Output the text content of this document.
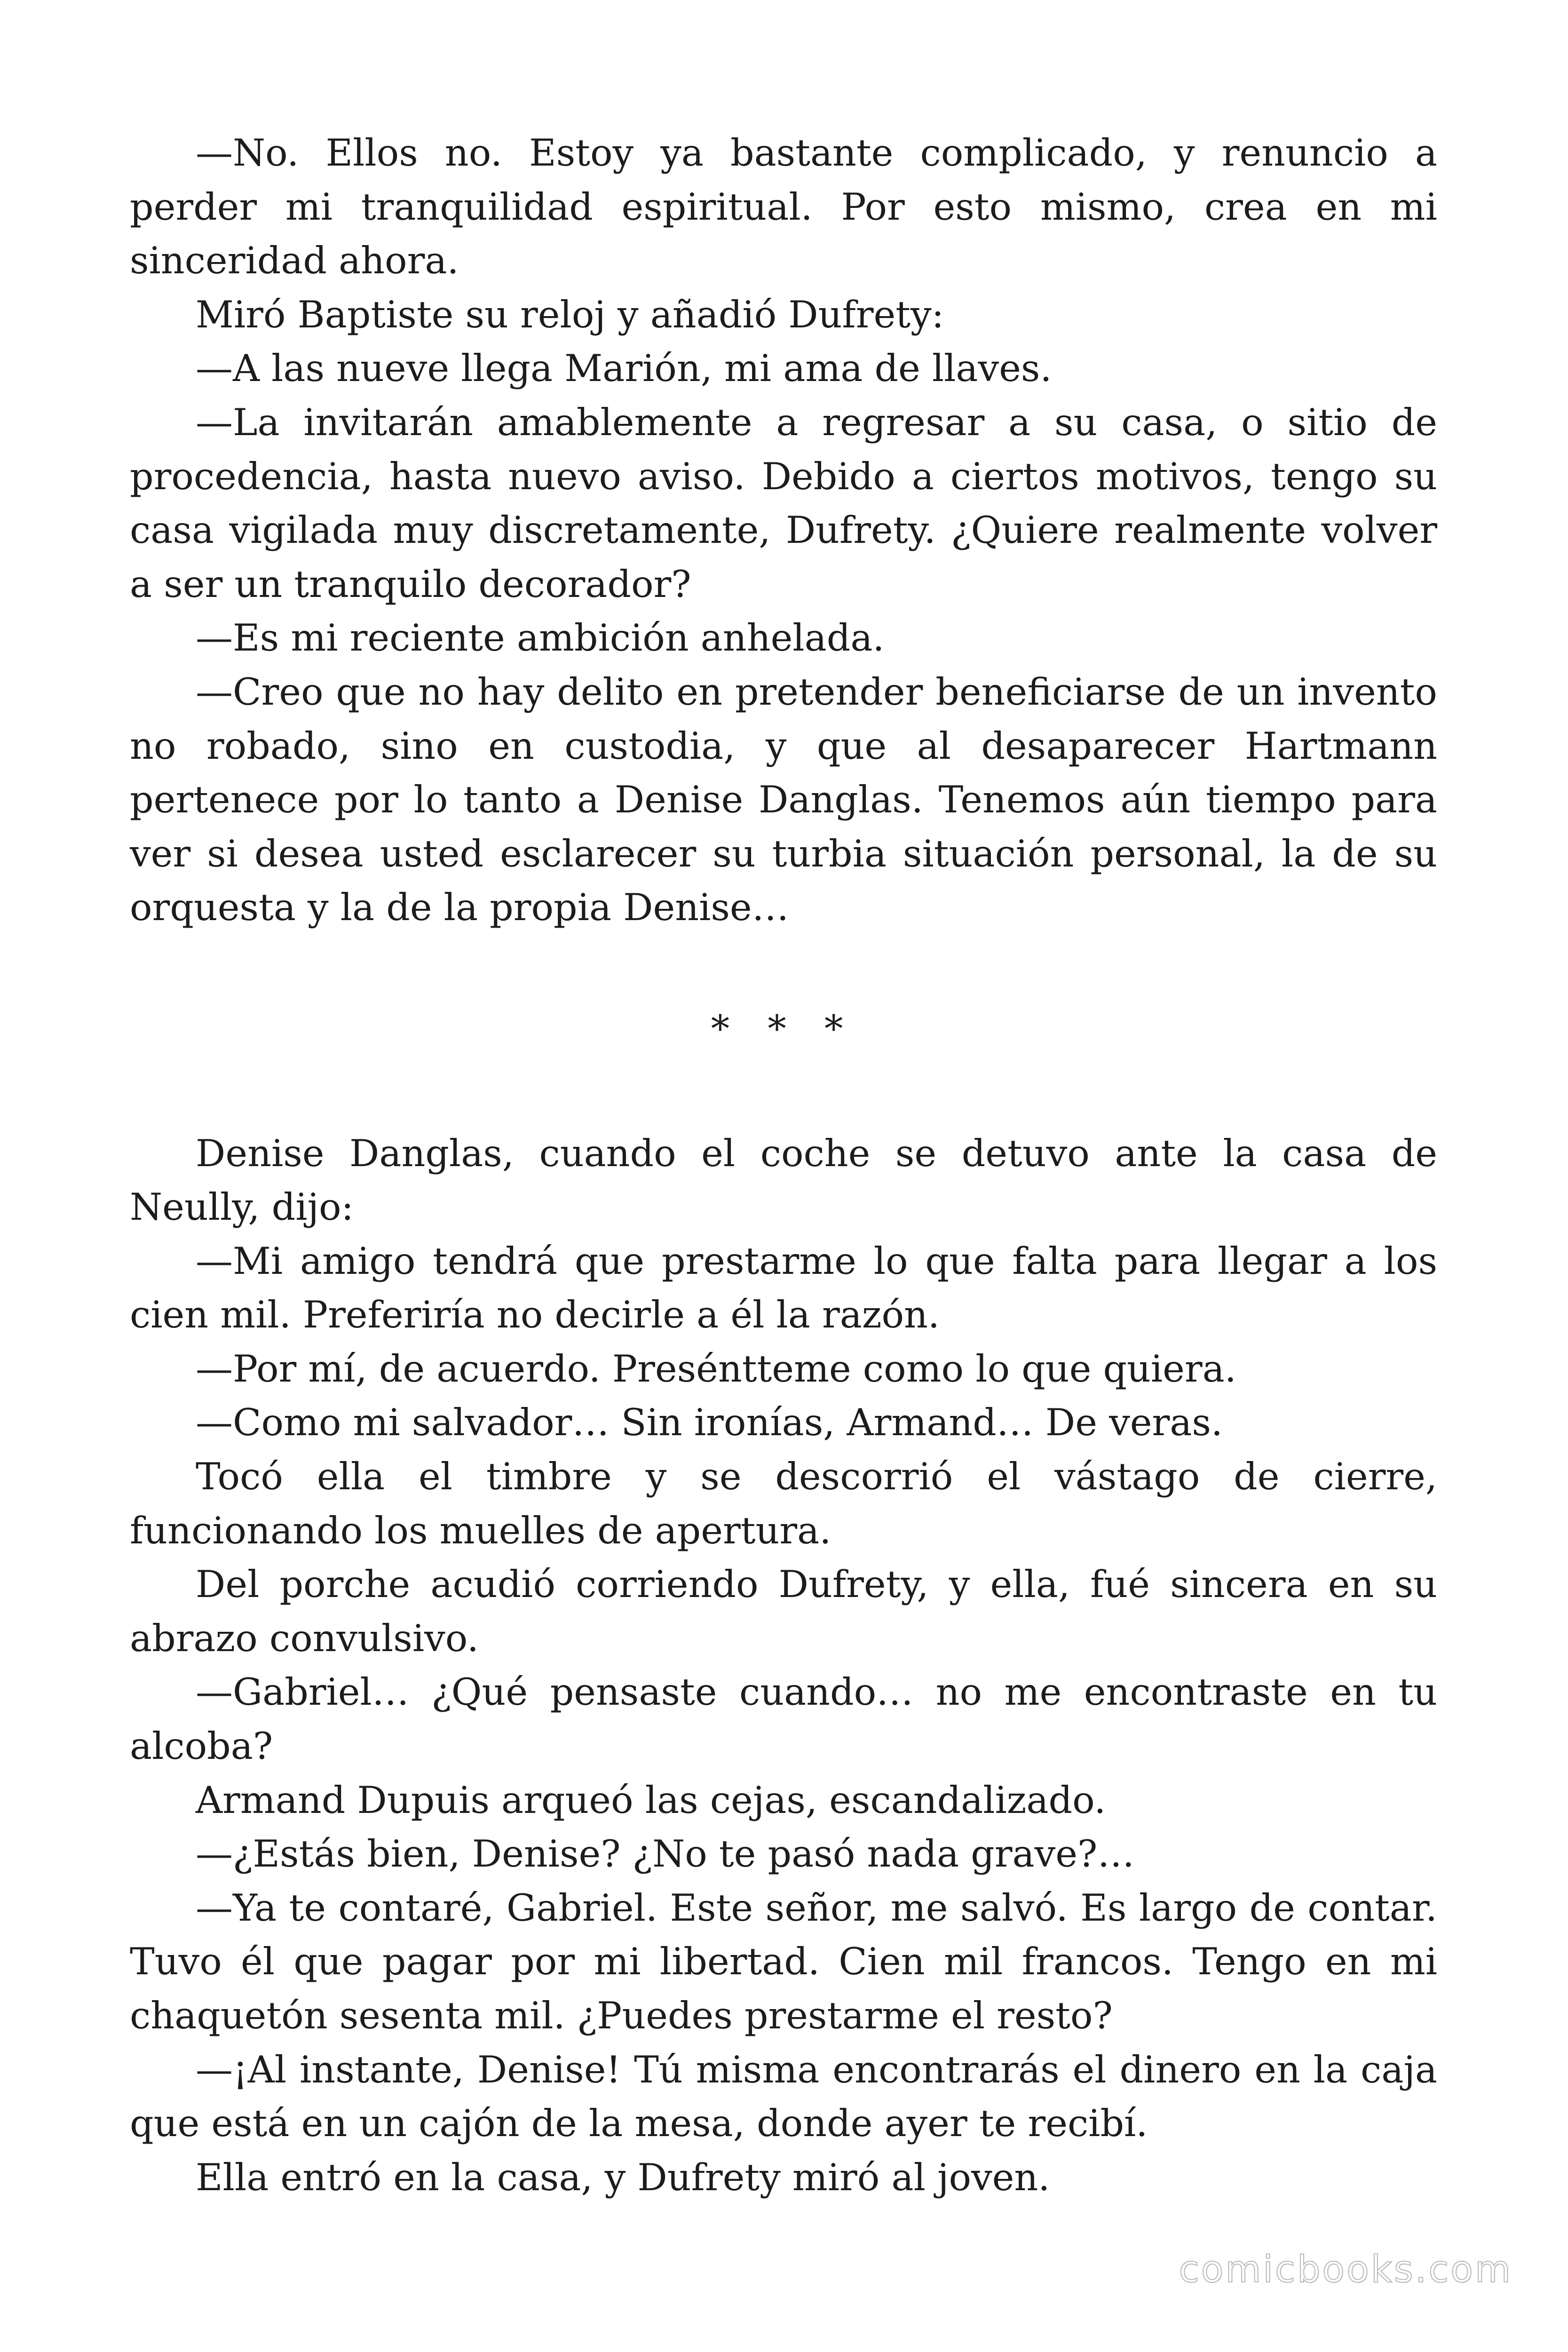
—No. Ellos no. Estoy ya bastante complicado, y renuncio a perder mi tranquilidad espiritual. Por esto mismo, crea en mi sinceridad ahora.

Miró Baptiste su reloj y añadió Dufrety:

—A las nueve llega Marión, mi ama de llaves.

—La invitarán amablemente a regresar a su casa, o sitio de procedencia, hasta nuevo aviso. Debido a ciertos motivos, tengo su casa vigilada muy discretamente, Dufrety. ¿Quiere realmente volver a ser un tranquilo decorador?

—Es mi reciente ambición anhelada.

—Creo que no hay delito en pretender beneficiarse de un invento no robado, sino en custodia, y que al desaparecer Hartmann pertenece por lo tanto a Denise Danglas. Tenemos aún tiempo para ver si desea usted esclarecer su turbia situación personal, la de su orquesta y la de la propia Denise…

* * *

Denise Danglas, cuando el coche se detuvo ante la casa de Neully, dijo:

—Mi amigo tendrá que prestarme lo que falta para llegar a los cien mil. Preferiría no decirle a él la razón.

—Por mí, de acuerdo. Preséntteme como lo que quiera.

—Como mi salvador… Sin ironías, Armand… De veras.

Tocó ella el timbre y se descorrió el vástago de cierre, funcionando los muelles de apertura.

Del porche acudió corriendo Dufrety, y ella, fué sincera en su abrazo convulsivo.

—Gabriel… ¿Qué pensaste cuando… no me encontraste en tu alcoba?

Armand Dupuis arqueó las cejas, escandalizado.

—¿Estás bien, Denise? ¿No te pasó nada grave?…

—Ya te contaré, Gabriel. Este señor, me salvó. Es largo de contar. Tuvo él que pagar por mi libertad. Cien mil francos. Tengo en mi chaquetón sesenta mil. ¿Puedes prestarme el resto?

—¡Al instante, Denise! Tú misma encontrarás el dinero en la caja que está en un cajón de la mesa, donde ayer te recibí.

Ella entró en la casa, y Dufrety miró al joven.

comicbooks.com
